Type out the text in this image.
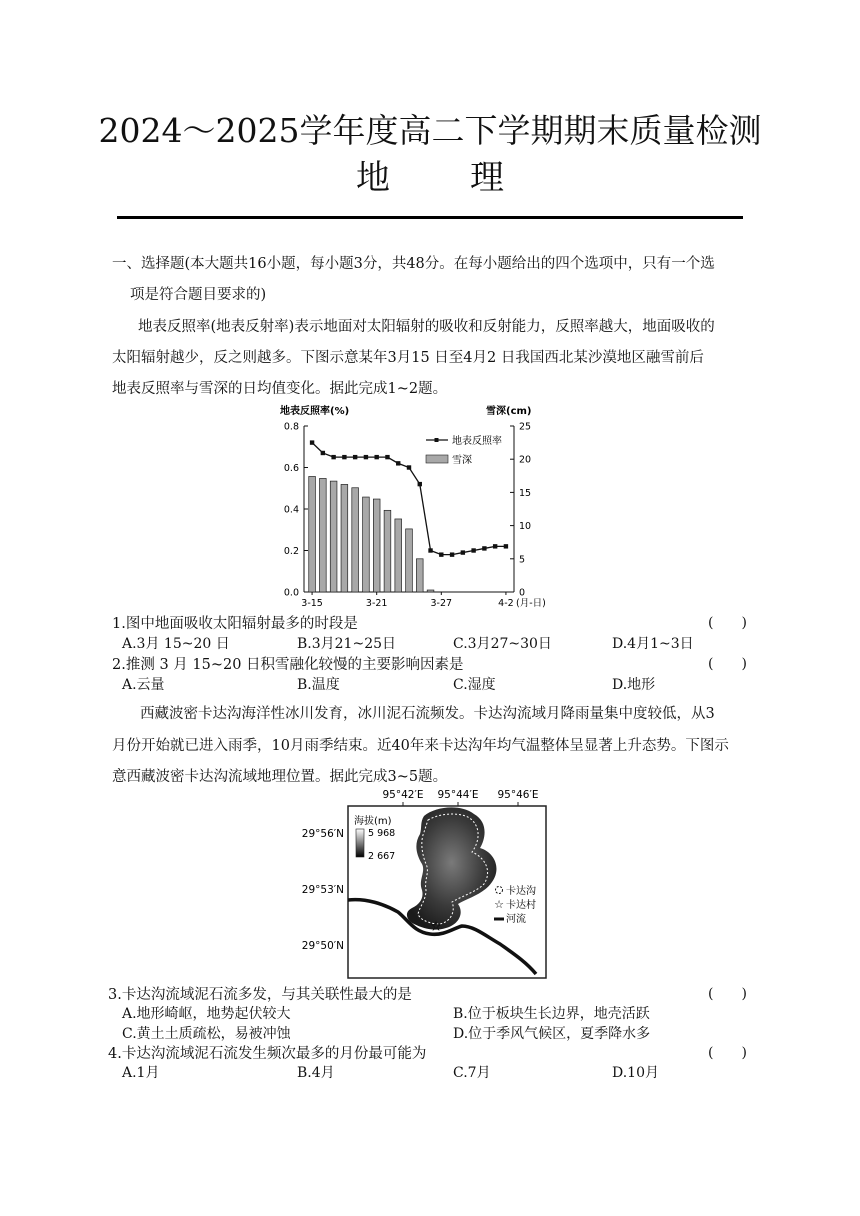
2024～2025学年度高二下学期期末质量检测
地 理

一、选择题(本大题共16小题，每小题3分，共48分。在每小题给出的四个选项中，只有一个选

项是符合题目要求的)

地表反照率(地表反射率)表示地面对太阳辐射的吸收和反射能力，反照率越大，地面吸收的

太阳辐射越少，反之则越多。下图示意某年3月15 日至4月2 日我国西北某沙漠地区融雪前后

地表反照率与雪深的日均值变化。据此完成1~2题。

0.0
0.2
0.4
0.6
0.8
0
5
10
15
20
25
地表反照率(%)	雪深(cm)
3-15	3-21	3-27	4-2 (月-日)
地表反照率
雪深
1.图中地面吸收太阳辐射最多的时段是	(　　)
A.3月 15~20 日	B.3月21~25日	C.3月27~30日	D.4月1~3日
2.推测 3 月 15~20 日积雪融化较慢的主要影响因素是	(　　)
A.云量	B.温度	C.湿度	D.地形

西藏波密卡达沟海洋性冰川发育，冰川泥石流频发。卡达沟流域月降雨量集中度较低，从3

月份开始就已进入雨季，10月雨季结束。近40年来卡达沟年均气温整体呈显著上升态势。下图示

意西藏波密卡达沟流域地理位置。据此完成3~5题。

95°42′E 95°44′E 95°46′E
29°56′N
29°53′N
29°50′N
海拔(m)
5 968
2 667
☆
卡达沟
☆ 卡达村
河流
3.卡达沟流域泥石流多发，与其关联性最大的是	(　　)
A.地形崎岖，地势起伏较大	B.位于板块生长边界，地壳活跃
C.黄土土质疏松，易被冲蚀	D.位于季风气候区，夏季降水多
4.卡达沟流域泥石流发生频次最多的月份最可能为	(　　)
A.1月	B.4月	C.7月	D.10月
